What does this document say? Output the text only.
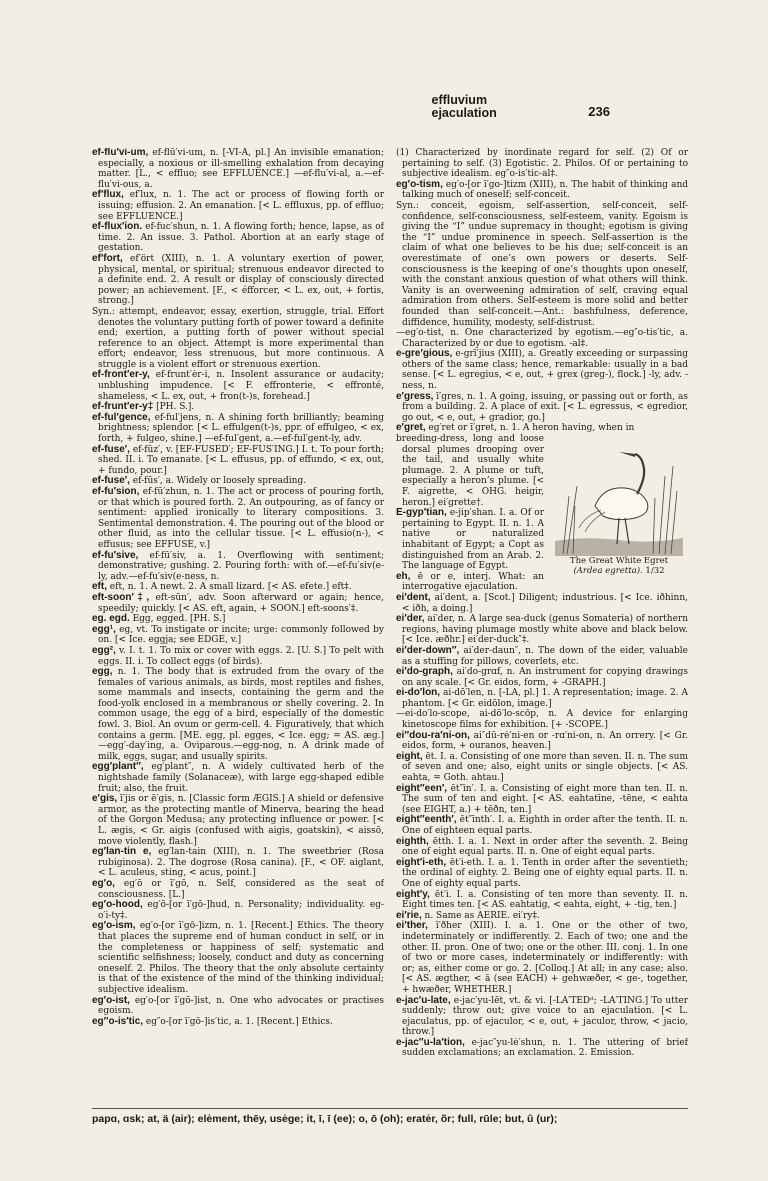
effluvium
ejaculation	236

ef-flu′vi-um, ef-flū′vi-um, n. [-VI-A, pl.] An invisible emanation; especially, a noxious or ill-smelling exhalation from decaying matter. [L., < effluo; see EFFLUENCE.] —ef-flu′vi-al, a.—ef-flu′vi-ous, a.

ef′flux, ef′lux, n. 1. The act or process of flowing forth or issuing; effusion. 2. An emanation. [< L. effluxus, pp. of effluo; see EFFLUENCE.]

ef-flux′ion. ef-fuc′shun, n. 1. A flowing forth; hence, lapse, as of time. 2. An issue. 3. Pathol. Abortion at an early stage of gestation.

ef′fort, ef′ört (XIII), n. 1. A voluntary exertion of power, physical, mental, or spiritual; strenuous endeavor directed to a definite end. 2. A result or display of consciously directed power; an achievement. [F., < éfforcer, < L. ex, out, + fortis, strong.]

Syn.: attempt, endeavor, essay, exertion, struggle, trial. Effort denotes the voluntary putting forth of power toward a definite end; exertion, a putting forth of power without special reference to an object. Attempt is more experimental than effort; endeavor, less strenuous, but more continuous. A struggle is a violent effort or strenuous exertion.

ef-front′er-y, ef-frunt′ėr-i, n. Insolent assurance or audacity; unblushing impudence. [< F. effronterie, < effronté, shameless, < L. ex, out, + fron(t-)s, forehead.]

ef-frunt′er-y‡ [PH. S.].

ef-ful′gence, ef-ful′jens, n. A shining forth brilliantly; beaming brightness; splendor. [< L. effulgen(t-)s, ppr. of effulgeo, < ex, forth, + fulgeo, shine.] —ef-ful′gent, a.—ef-ful′gent-ly, adv.

ef-fuse′, ef-fūz′, v. [EF-FUSED′; EF-FUS′ING.] I. t. To pour forth; shed. II. i. To emanate. [< L. effusus, pp. of effundo, < ex, out, + fundo, pour.]

ef-fuse′, ef-fūs′, a. Widely or loosely spreading.

ef-fu′sion, ef-fū′zhun, n. 1. The act or process of pouring forth, or that which is poured forth. 2. An outpouring, as of fancy or sentiment: applied ironically to literary compositions. 3. Sentimental demonstration. 4. The pouring out of the blood or other fluid, as into the cellular tissue. [< L. effusio(n-), < effusus; see EFFUSE, v.]

ef-fu′sive, ef-fū′siv, a. 1. Overflowing with sentiment; demonstrative; gushing. 2. Pouring forth: with of.—ef-fu′siv(e-ly, adv.—ef-fu′siv(e-ness, n.

eft, eft, n. 1. A newt. 2. A small lizard. [< AS. efete.] eft‡.

eft-soon′‡, eft-sūn′, adv. Soon afterward or again; hence, speedily; quickly. [< AS. eft, again, + SOON.] eft-soons′‡.

eg. egd. Egg, egged. [PH. S.]

egg¹, eg, vt. To instigate or incite; urge: commonly followed by on. [< Ice. eggja; see EDGE, v.]

egg², v. I. t. 1. To mix or cover with eggs. 2. [U. S.] To pelt with eggs. II. i. To collect eggs (of birds).

egg, n. 1. The body that is extruded from the ovary of the females of various animals, as birds, most reptiles and fishes, some mammals and insects, containing the germ and the food-yolk enclosed in a membranous or shelly covering. 2. In common usage, the egg of a bird, especially of the domestic fowl. 3. Biol. An ovum or germ-cell. 4. Figuratively, that which contains a germ. [ME. egg, pl. egges, < Ice. egg; = AS. æg.] —egg′-day′ing, a. Oviparous.—egg-nog, n. A drink made of milk, eggs, sugar, and usually spirits.

egg′plant″, eg′plant″, n. A widely cultivated herb of the nightshade family (Solanaceæ), with large egg-shaped edible fruit; also, the fruit.

e′gis, ī′jis or ē′gis, n. [Classic form ÆGIS.] A shield or defensive armor, as the protecting mantle of Minerva, bearing the head of the Gorgon Medusa; any protecting influence or power. [< L. ægis, < Gr. aigis (confused with aigis, goatskin), < aissō, move violently, flash.]

eg′lan-tin e, eg′lan-tain (XIII), n. 1. The sweetbrier (Rosa rubiginosa). 2. The dogrose (Rosa canina). [F., < OF. aiglant, < L. aculeus, sting, < acus, point.]

eg′o, eg′ō or ī′gō, n. Self, considered as the seat of consciousness. [L.]

eg′o-hood, eg′ō-[or ī′gō-]hud, n. Personality; individuality. eg-o′i-ty‡.

eg′o-ism, eg′o-[or ī′gō-]izm, n. 1. [Recent.] Ethics. The theory that places the supreme end of human conduct in self, or in the completeness or happiness of self; systematic and scientific selfishness; loosely, conduct and duty as concerning oneself. 2. Philos. The theory that the only absolute certainty is that of the existence of the mind of the thinking individual; subjective idealism.

eg′o-ist, eg′o-[or ī′gō-]ist, n. One who advocates or practises egoism.

eg″o-is′tic, eg″o-[or ī′gō-]is′tic, a. 1. [Recent.] Ethics.

(1) Characterized by inordinate regard for self. (2) Of or pertaining to self. (3) Egotistic. 2. Philos. Of or pertaining to subjective idealism. eg″o-is′tic-al‡.

eg′o-tism, eg′o-[or ī′go-]tizm (XIII), n. The habit of thinking and talking much of oneself; self-conceit.

Syn.: conceit, egoism, self-assertion, self-conceit, self-confidence, self-consciousness, self-esteem, vanity. Egoism is giving the “I” undue supremacy in thought; egotism is giving the “I” undue prominence in speech. Self-assertion is the claim of what one believes to be his due; self-conceit is an overestimate of one’s own powers or deserts. Self-consciousness is the keeping of one’s thoughts upon oneself, with the constant anxious question of what others will think. Vanity is an overweening admiration of self, craving equal admiration from others. Self-esteem is more solid and better founded than self-conceit.—Ant.: bashfulness, deference, diffidence, humility, modesty, self-distrust.

—eg′o-tist, n. One characterized by egotism.—eg″o-tis′tic, a. Characterized by or due to egotism. -al‡.

e-gre′gious, e-grī′jius (XIII), a. Greatly exceeding or surpassing others of the same class; hence, remarkable: usually in a bad sense. [< L. egregius, < e, out, + grex (greg-), flock.] -ly, adv. -ness, n.

e′gress, ī′gres, n. 1. A going, issuing, or passing out or forth, as from a building. 2. A place of exit. [< L. egressus, < egredior, go out, < e, out, + gradior, go.]

e′gret, eg′ret or ī′gret, n. 1. A heron having, when in

The Great White Egret
(Ardea egretta). 1/32

breeding-dress, long and loose dorsal plumes drooping over the tail, and usually white plumage. 2. A plume or tuft, especially a heron’s plume. [< F. aigrette, < OHG. heigir, heron.] ei′grette†.

E-gyp′tian, e-jip′shan. I. a. Of or pertaining to Egypt. II. n. 1. A native or naturalized inhabitant of Egypt; a Copt as distinguished from an Arab. 2. The language of Egypt.

eh, ē or e, interj. What: an interrogative ejaculation.

ei′dent, ai′dent, a. [Scot.] Diligent; industrious. [< Ice. iðhinn, < iðh, a doing.]

ei′der, ai′der, n. A large sea-duck (genus Somateria) of northern regions, having plumage mostly white above and black below. [< Ice. æðhr.] ei′der-duck″‡.

ei′der-down″, ai′der-daun″, n. The down of the eider, valuable as a stuffing for pillows, coverlets, etc.

ei′do-graph, ai′do-grɑf, n. An instrument for copying drawings on any scale. [< Gr. eidos, form, + -GRAPH.]

ei-do′lon, ai-dō′len, n. [-LA, pl.] 1. A representation; image. 2. A phantom. [< Gr. eidōlon, image.]

—ei-do′lo-scope, ai-dō′lo-scōp, n. A device for enlarging kinetoscope films for exhibition. [+ -SCOPE.]

ei″dou-ra′ni-on, ai″dū-rė′ni-en or -rɑ′ni-on, n. An orrery. [< Gr. eidos, form, + ouranos, heaven.]

eight, ēt. I. a. Consisting of one more than seven. II. n. The sum of seven and one; also, eight units or single objects. [< AS. eahta, = Goth. ahtau.]

eight″een′, ēt″īn′. I. a. Consisting of eight more than ten. II. n. The sum of ten and eight. [< AS. eahtatīne, -tēne, < eahta (see EIGHT, a.) + tēðn, ten.]

eight″eenth′, ēt″īnth′. I. a. Eighth in order after the tenth. II. n. One of eighteen equal parts.

eighth, ētth. I. a. 1. Next in order after the seventh. 2. Being one of eight equal parts. II. n. One of eight equal parts.

eight′i-eth, ēt′i-eth. I. a. 1. Tenth in order after the seventieth; the ordinal of eighty. 2. Being one of eighty equal parts. II. n. One of eighty equal parts.

eight′y, ēt′i. I. a. Consisting of ten more than seventy. II. n. Eight times ten. [< AS. eahtatig, < eahta, eight, + -tig, ten.]

ei′rie, n. Same as AERIE. ei′ry‡.

ei′ther, ī′ðher (XIII). I. a. 1. One or the other of two, indeterminately or indifferently. 2. Each of two; one and the other. II. pron. One of two; one or the other. III. conj. 1. In one of two or more cases, indeterminately or indifferently: with or; as, either come or go. 2. [Colloq.] At all; in any case; also. [< AS. ægther, < ā (see EACH) + gehwæðer, < ge-, together, + hwæðer, WHETHER.]

e-jac′u-late, e-jac′yu-lēt, vt. & vi. [-LA′TEDᵈ; -LA′TING.] To utter suddenly; throw out; give voice to an ejaculation. [< L. ejaculatus, pp. of ejaculor, < e, out, + jaculor, throw, < jacio, throw.]

e-jac″u-la′tion, e-jac″yu-lė′shun, n. 1. The uttering of brief sudden exclamations; an exclamation. 2. Emission.

papɑ, ɑsk; at, ä (air); elėment, thēy, usėge; it, ī, ī (ee); o, ō (oh); eratėr, õr; full, rūle; but, û (ur);
